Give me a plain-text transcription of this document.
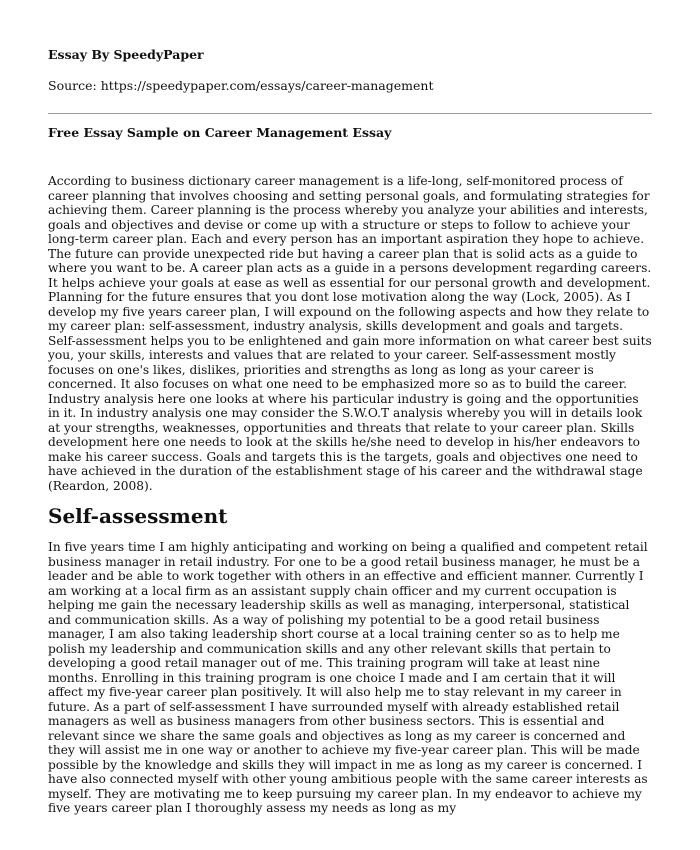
Essay By SpeedyPaper

Source: https://speedypaper.com/essays/career-management

Free Essay Sample on Career Management Essay

According to business dictionary career management is a life-long, self-monitored process of career planning that involves choosing and setting personal goals, and formulating strategies for achieving them. Career planning is the process whereby you analyze your abilities and interests, goals and objectives and devise or come up with a structure or steps to follow to achieve your long-term career plan. Each and every person has an important aspiration they hope to achieve. The future can provide unexpected ride but having a career plan that is solid acts as a guide to where you want to be. A career plan acts as a guide in a persons development regarding careers. It helps achieve your goals at ease as well as essential for our personal growth and development. Planning for the future ensures that you dont lose motivation along the way (Lock, 2005). As I develop my five years career plan, I will expound on the following aspects and how they relate to my career plan: self-assessment, industry analysis, skills development and goals and targets. Self-assessment helps you to be enlightened and gain more information on what career best suits you, your skills, interests and values that are related to your career. Self-assessment mostly focuses on one's likes, dislikes, priorities and strengths as long as long as your career is concerned. It also focuses on what one need to be emphasized more so as to build the career. Industry analysis here one looks at where his particular industry is going and the opportunities in it. In industry analysis one may consider the S.W.O.T analysis whereby you will in details look at your strengths, weaknesses, opportunities and threats that relate to your career plan. Skills development here one needs to look at the skills he/she need to develop in his/her endeavors to make his career success. Goals and targets this is the targets, goals and objectives one need to have achieved in the duration of the establishment stage of his career and the withdrawal stage (Reardon, 2008).

Self-assessment

In five years time I am highly anticipating and working on being a qualified and competent retail business manager in retail industry. For one to be a good retail business manager, he must be a leader and be able to work together with others in an effective and efficient manner. Currently I am working at a local firm as an assistant supply chain officer and my current occupation is helping me gain the necessary leadership skills as well as managing, interpersonal, statistical and communication skills. As a way of polishing my potential to be a good retail business manager, I am also taking leadership short course at a local training center so as to help me polish my leadership and communication skills and any other relevant skills that pertain to developing a good retail manager out of me. This training program will take at least nine months. Enrolling in this training program is one choice I made and I am certain that it will affect my five-year career plan positively. It will also help me to stay relevant in my career in future. As a part of self-assessment I have surrounded myself with already established retail managers as well as business managers from other business sectors. This is essential and relevant since we share the same goals and objectives as long as my career is concerned and they will assist me in one way or another to achieve my five-year career plan. This will be made possible by the knowledge and skills they will impact in me as long as my career is concerned. I have also connected myself with other young ambitious people with the same career interests as myself. They are motivating me to keep pursuing my career plan. In my endeavor to achieve my five years career plan I thoroughly assess my needs as long as my
